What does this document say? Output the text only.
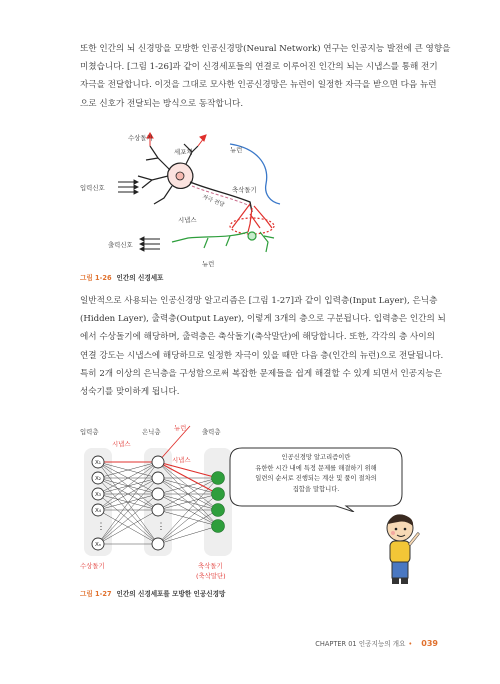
또한 인간의 뇌 신경망을 모방한 인공신경망(Neural Network) 연구는 인공지능 발전에 큰 영향을
미쳤습니다. [그림 1-26]과 같이 신경세포들의 연결로 이루어진 인간의 뇌는 시냅스를 통해 전기
자극을 전달합니다. 이것을 그대로 모사한 인공신경망은 뉴런이 일정한 자극을 받으면 다음 뉴런
으로 신호가 전달되는 방식으로 동작합니다.
수상돌기
세포체	뉴런
자극 전달
축삭돌기
입력신호
시냅스
출력신호
뉴런
그림 1-26 인간의 신경세포
일반적으로 사용되는 인공신경망 알고리즘은 [그림 1-27]과 같이 입력층(Input Layer), 은닉층
(Hidden Layer), 출력층(Output Layer), 이렇게 3개의 층으로 구분됩니다. 입력층은 인간의 뇌
에서 수상돌기에 해당하며, 출력층은 축삭돌기(축삭말단)에 해당합니다. 또한, 각각의 층 사이의
연결 강도는 시냅스에 해당하므로 일정한 자극이 있을 때만 다음 층(인간의 뉴런)으로 전달됩니다.
특히 2개 이상의 은닉층을 구성함으로써 복잡한 문제들을 쉽게 해결할 수 있게 되면서 인공지능은
성숙기를 맞이하게 됩니다.
X₁
X₂
X₃
X₄
⋮
Xₙ
⋮
입력층	은닉층	출력층
뉴런
시냅스
시냅스
수상돌기	축삭돌기
(축삭말단)
그림 1-27 인간의 신경세포를 모방한 인공신경망
인공신경망 알고리즘이란
유한한 시간 내에 특정 문제를 해결하기 위해
일련의 순서로 진행되는 계산 및 풀이 절차의
집합을 말합니다.
CHAPTER 01 인공지능의 개요 • 039
